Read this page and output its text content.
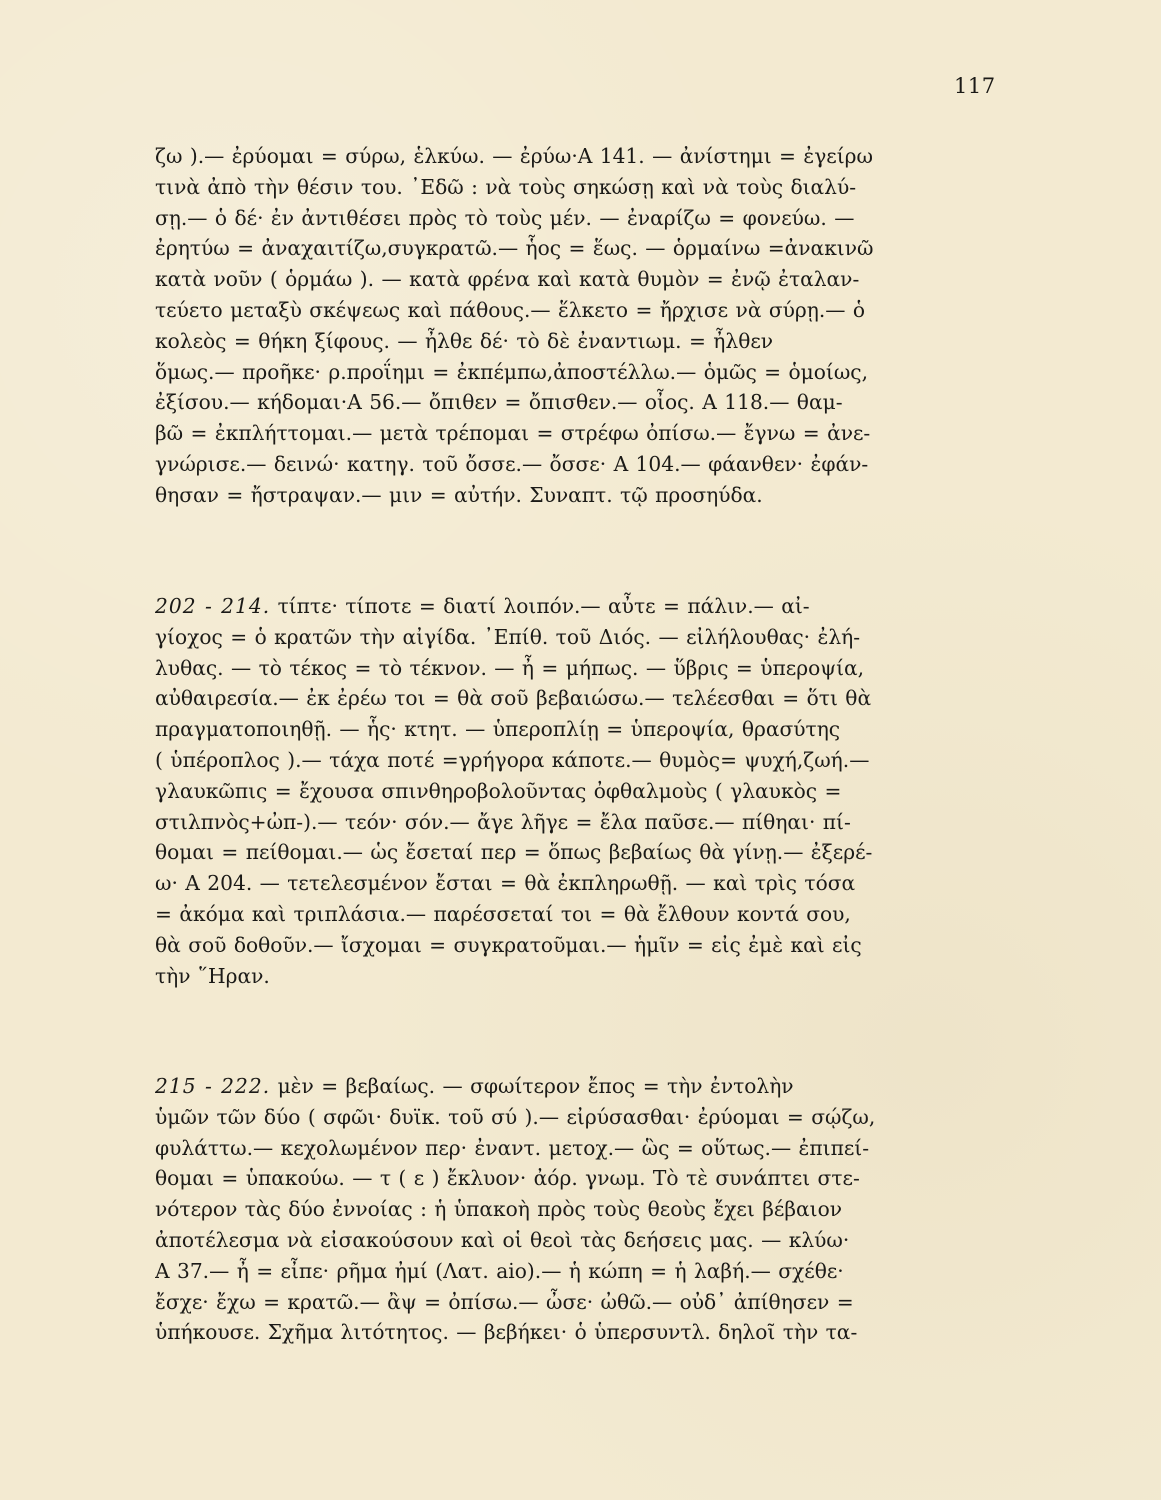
117
ζω ).— ἐρύομαι = σύρω, ἑλκύω. — ἐρύω·Α 141. — ἀνίστημι = ἐγείρω
τινὰ ἀπὸ τὴν θέσιν του. ᾿Εδῶ : νὰ τοὺς σηκώσῃ καὶ νὰ τοὺς διαλύ-
σῃ.— ὁ δέ· ἐν ἀντιθέσει πρὸς τὸ τοὺς μέν. — ἐναρίζω = φονεύω. —
ἐρητύω = ἀναχαιτίζω,συγκρατῶ.— ἧος = ἕως. — ὁρμαίνω =ἀνακινῶ
κατὰ νοῦν ( ὁρμάω ). — κατὰ φρένα καὶ κατὰ θυμὸν = ἐνῷ ἐταλαν-
τεύετο μεταξὺ σκέψεως καὶ πάθους.— ἕλκετο = ἤρχισε νὰ σύρῃ.— ὁ
κολεὸς = θήκη ξίφους. — ἦλθε δέ· τὸ δὲ ἐναντιωμ. = ἦλθεν
ὅμως.— προῆκε· ρ.προΐημι = ἐκπέμπω,ἀποστέλλω.— ὁμῶς = ὁμοίως,
ἐξίσου.— κήδομαι·Α 56.— ὄπιθεν = ὄπισθεν.— οἶος. Α 118.— θαμ-
βῶ = ἐκπλήττομαι.— μετὰ τρέπομαι = στρέφω ὀπίσω.— ἔγνω = ἀνε-
γνώρισε.— δεινώ· κατηγ. τοῦ ὄσσε.— ὄσσε· Α 104.— φάανθεν· ἐφάν-
θησαν = ἤστραψαν.— μιν = αὐτήν. Συναπτ. τῷ προσηύδα.
202 - 214. τίπτε· τίποτε = διατί λοιπόν.— αὖτε = πάλιν.— αἰ-
γίοχος = ὁ κρατῶν τὴν αἰγίδα. ᾿Επίθ. τοῦ Διός. — εἰλήλουθας· ἐλή-
λυθας. — τὸ τέκος = τὸ τέκνον. — ἦ = μήπως. — ὕβρις = ὑπεροψία,
αὐθαιρεσία.— ἐκ ἐρέω τοι = θὰ σοῦ βεβαιώσω.— τελέεσθαι = ὅτι θὰ
πραγματοποιηθῇ. — ἧς· κτητ. — ὑπεροπλίῃ = ὑπεροψία, θρασύτης
( ὑπέροπλος ).— τάχα ποτέ =γρήγορα κάποτε.— θυμὸς= ψυχή,ζωή.—
γλαυκῶπις = ἔχουσα σπινθηροβολοῦντας ὀφθαλμοὺς ( γλαυκὸς =
στιλπνὸς+ὠπ-).— τεόν· σόν.— ἄγε λῆγε = ἔλα παῦσε.— πίθηαι· πί-
θομαι = πείθομαι.— ὡς ἔσεταί περ = ὅπως βεβαίως θὰ γίνῃ.— ἐξερέ-
ω· Α 204. — τετελεσμένον ἔσται = θὰ ἐκπληρωθῇ. — καὶ τρὶς τόσα
= ἀκόμα καὶ τριπλάσια.— παρέσσεταί τοι = θὰ ἔλθουν κοντά σου,
θὰ σοῦ δοθοῦν.— ἴσχομαι = συγκρατοῦμαι.— ἡμῖν = εἰς ἐμὲ καὶ εἰς
τὴν ῞Ηραν.
215 - 222. μὲν = βεβαίως. — σφωίτερον ἔπος = τὴν ἐντολὴν
ὑμῶν τῶν δύο ( σφῶι· δυϊκ. τοῦ σύ ).— εἰρύσασθαι· ἐρύομαι = σῴζω,
φυλάττω.— κεχολωμένον περ· ἐναντ. μετοχ.— ὣς = οὕτως.— ἐπιπεί-
θομαι = ὑπακούω. — τ ( ε ) ἔκλυον· ἀόρ. γνωμ. Τὸ τὲ συνάπτει στε-
νότερον τὰς δύο ἐννοίας : ἡ ὑπακοὴ πρὸς τοὺς θεοὺς ἔχει βέβαιον
ἀποτέλεσμα νὰ εἰσακούσουν καὶ οἱ θεοὶ τὰς δεήσεις μας. — κλύω·
Α 37.— ἦ = εἶπε· ρῆμα ἠμί (Λατ. aio).— ἡ κώπη = ἡ λαβή.— σχέθε·
ἔσχε· ἔχω = κρατῶ.— ἂψ = ὀπίσω.— ὦσε· ὠθῶ.— οὐδ᾿ ἀπίθησεν =
ὑπήκουσε. Σχῆμα λιτότητος. — βεβήκει· ὁ ὑπερσυντλ. δηλοῖ τὴν τα-
